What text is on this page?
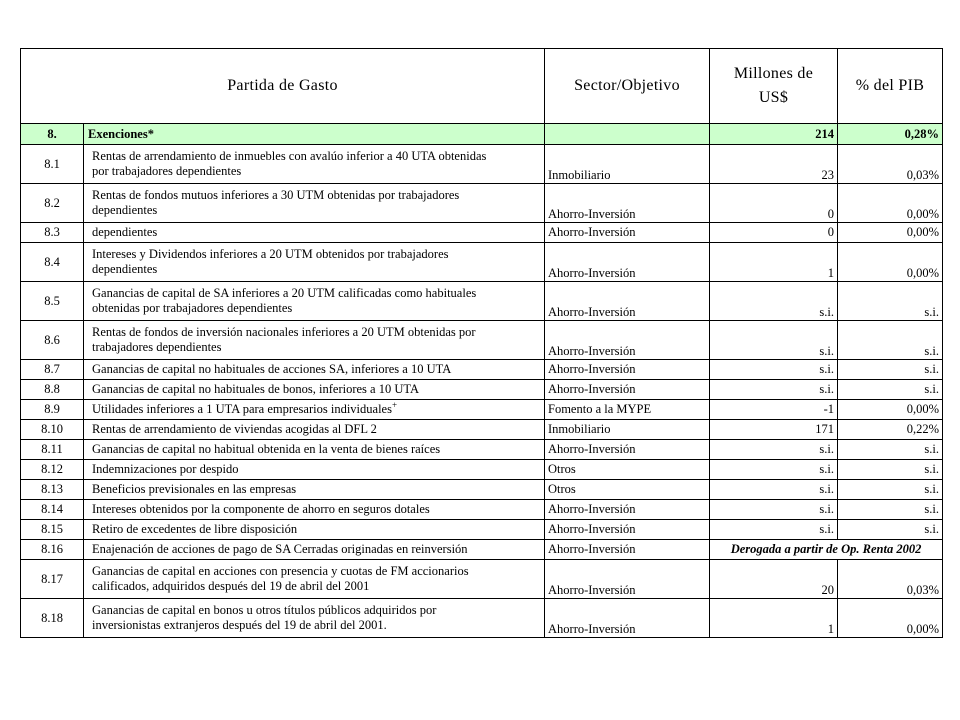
Partida de Gasto	Sector/Objetivo	Millones de US$	% del PIB
8. Exenciones*		214	0,28%

8.1
Rentas de arrendamiento de inmuebles con avalúo inferior a 40 UTA obtenidas
por trabajadores dependientes	Inmobiliario	23	0,03%

8.2
Rentas de fondos mutuos inferiores a 30 UTM obtenidas por trabajadores
dependientes	Ahorro-Inversión	0	0,00%

8.3 dependientes	Ahorro-Inversión	0	0,00%

8.4
Intereses y Dividendos inferiores a 20 UTM obtenidos por trabajadores
dependientes	Ahorro-Inversión	1	0,00%

8.5
Ganancias de capital de SA inferiores a 20 UTM calificadas como habituales
obtenidas por trabajadores dependientes	Ahorro-Inversión	s.i.	s.i.

8.6
Rentas de fondos de inversión nacionales inferiores a 20 UTM obtenidas por
trabajadores dependientes	Ahorro-Inversión	s.i.	s.i.

8.7 Ganancias de capital no habituales de acciones SA, inferiores a 10 UTA	Ahorro-Inversión	s.i.	s.i.

8.8 Ganancias de capital no habituales de bonos, inferiores a 10 UTA	Ahorro-Inversión	s.i.	s.i.

8.9 Utilidades inferiores a 1 UTA para empresarios individuales+	Fomento a la MYPE	-1	0,00%

8.10 Rentas de arrendamiento de viviendas acogidas al DFL 2	Inmobiliario	171	0,22%

8.11 Ganancias de capital no habitual obtenida en la venta de bienes raíces	Ahorro-Inversión	s.i.	s.i.

8.12 Indemnizaciones por despido	Otros	s.i.	s.i.

8.13 Beneficios previsionales en las empresas	Otros	s.i.	s.i.

8.14 Intereses obtenidos por la componente de ahorro en seguros dotales	Ahorro-Inversión	s.i.	s.i.

8.15 Retiro de excedentes de libre disposición	Ahorro-Inversión	s.i.	s.i.

8.16 Enajenación de acciones de pago de SA Cerradas originadas en reinversión	Ahorro-Inversión	Derogada a partir de Op. Renta 2002	

8.17
Ganancias de capital en acciones con presencia y cuotas de FM accionarios
calificados, adquiridos después del 19 de abril del 2001	Ahorro-Inversión	20	0,03%

8.18
Ganancias de capital en bonos u otros títulos públicos adquiridos por
inversionistas extranjeros después del 19 de abril del 2001.	Ahorro-Inversión	1	0,00%
